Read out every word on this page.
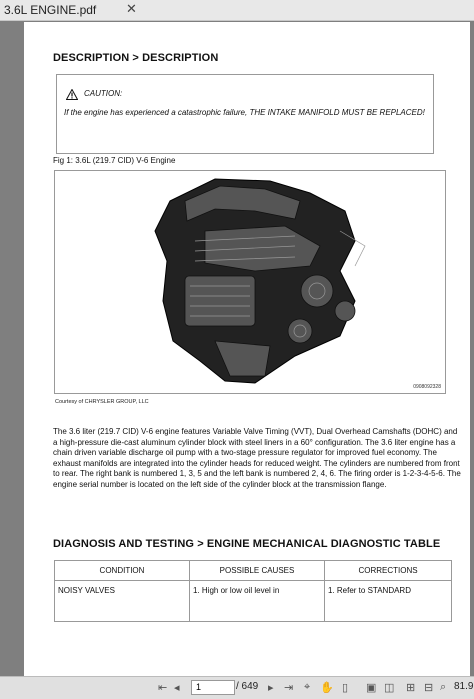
3.6L ENGINE.pdf ✕
DESCRIPTION > DESCRIPTION
CAUTION:
If the engine has experienced a catastrophic failure, THE INTAKE MANIFOLD MUST BE REPLACED!
Fig 1: 3.6L (219.7 CID) V-6 Engine
0908092328
Courtesy of CHRYSLER GROUP, LLC
The 3.6 liter (219.7 CID) V-6 engine features Variable Valve Timing (VVT), Dual Overhead Camshafts (DOHC) and a high-pressure die-cast aluminum cylinder block with steel liners in a 60° configuration. The 3.6 liter engine has a chain driven variable discharge oil pump with a two-stage pressure regulator for improved fuel economy. The exhaust manifolds are integrated into the cylinder heads for reduced weight. The cylinders are numbered from front to rear. The right bank is numbered 1, 3, 5 and the left bank is numbered 2, 4, 6. The firing order is 1-2-3-4-5-6. The engine serial number is located on the left side of the cylinder block at the transmission flange.
DIAGNOSIS AND TESTING > ENGINE MECHANICAL DIAGNOSTIC TABLE
CONDITION	POSSIBLE CAUSES	CORRECTIONS
NOISY VALVES	1. High or low oil level in	1. Refer to STANDARD
⇤ ◂	1	/ 649 ▸ ⇥ ⌖ ✋ ▯ ▣ ◫ ⊞ ⊟ ⌕ 81.9
